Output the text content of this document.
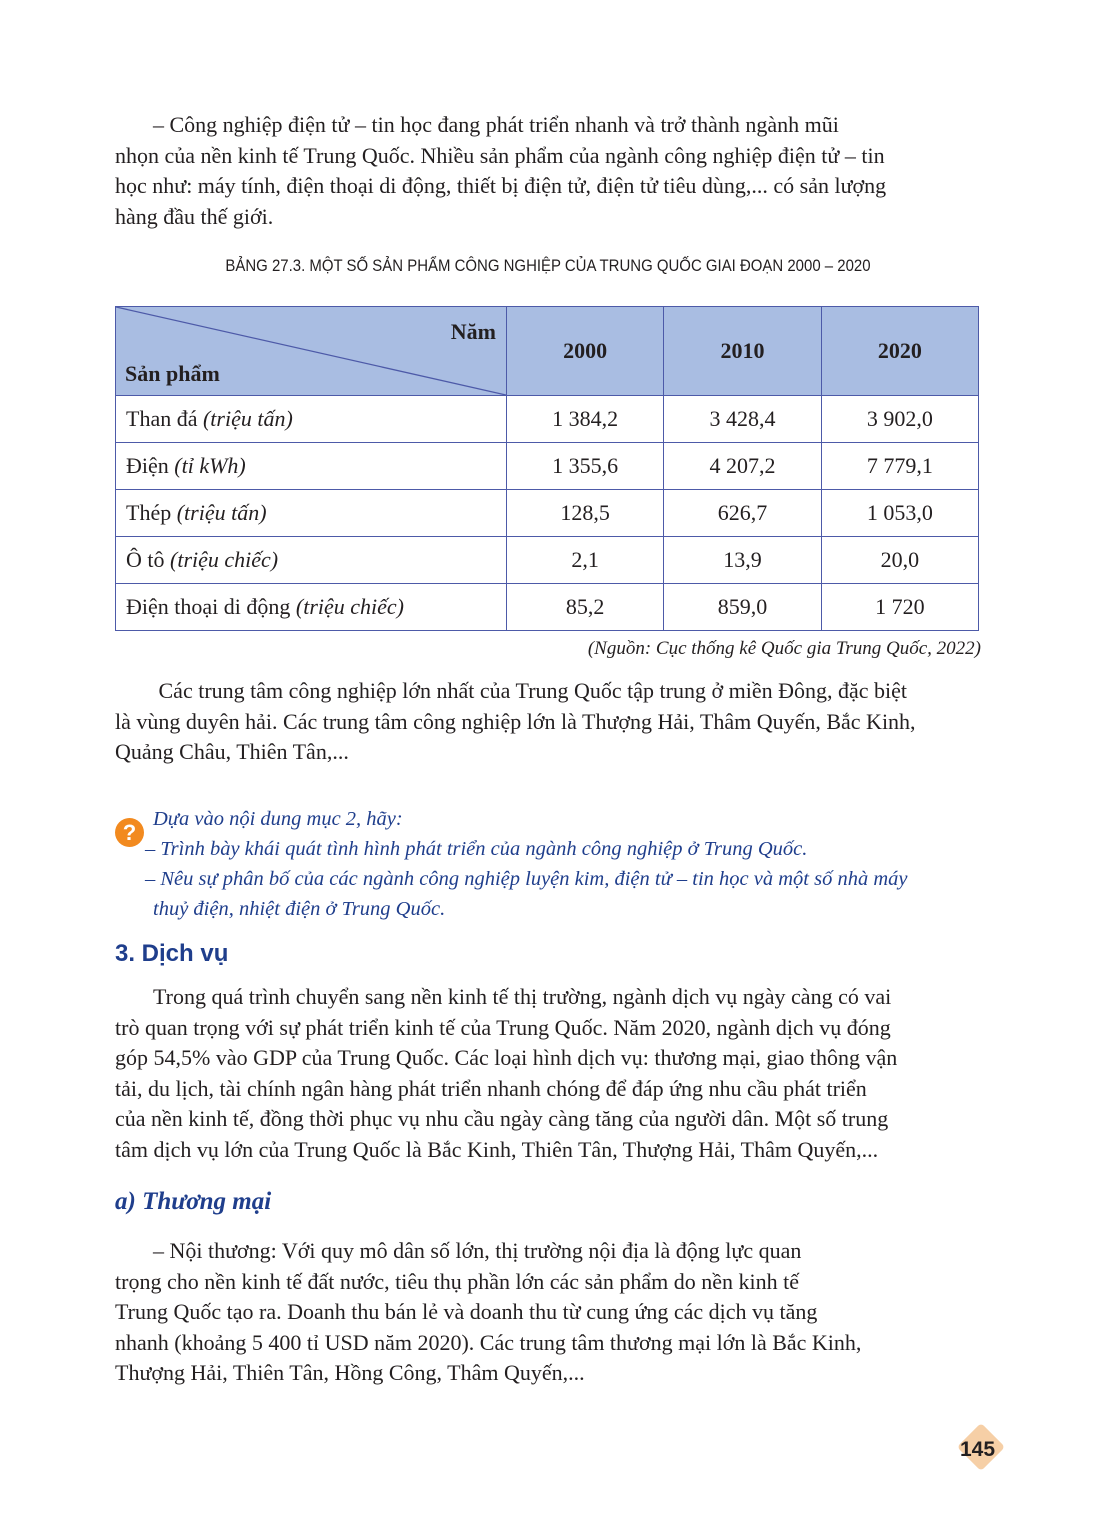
– Công nghiệp điện tử – tin học đang phát triển nhanh và trở thành ngành mũi
nhọn của nền kinh tế Trung Quốc. Nhiều sản phẩm của ngành công nghiệp điện tử – tin
học như: máy tính, điện thoại di động, thiết bị điện tử, điện tử tiêu dùng,... có sản lượng
hàng đầu thế giới.
BẢNG 27.3. MỘT SỐ SẢN PHẨM CÔNG NGHIỆP CỦA TRUNG QUỐC GIAI ĐOẠN 2000 – 2020
Năm
Sản phẩm	2000	2010	2020
Than đá (triệu tấn)	1 384,2	3 428,4	3 902,0
Điện (tỉ kWh)	1 355,6	4 207,2	7 779,1
Thép (triệu tấn)	128,5	626,7	1 053,0
Ô tô (triệu chiếc)	2,1	13,9	20,0
Điện thoại di động (triệu chiếc)	85,2	859,0	1 720
(Nguồn: Cục thống kê Quốc gia Trung Quốc, 2022)
Các trung tâm công nghiệp lớn nhất của Trung Quốc tập trung ở miền Đông, đặc biệt
là vùng duyên hải. Các trung tâm công nghiệp lớn là Thượng Hải, Thâm Quyến, Bắc Kinh,
Quảng Châu, Thiên Tân,...
?
Dựa vào nội dung mục 2, hãy:
– Trình bày khái quát tình hình phát triển của ngành công nghiệp ở Trung Quốc.
– Nêu sự phân bố của các ngành công nghiệp luyện kim, điện tử – tin học và một số nhà máy
thuỷ điện, nhiệt điện ở Trung Quốc.
3. Dịch vụ
Trong quá trình chuyển sang nền kinh tế thị trường, ngành dịch vụ ngày càng có vai
trò quan trọng với sự phát triển kinh tế của Trung Quốc. Năm 2020, ngành dịch vụ đóng
góp 54,5% vào GDP của Trung Quốc. Các loại hình dịch vụ: thương mại, giao thông vận
tải, du lịch, tài chính ngân hàng phát triển nhanh chóng để đáp ứng nhu cầu phát triển
của nền kinh tế, đồng thời phục vụ nhu cầu ngày càng tăng của người dân. Một số trung
tâm dịch vụ lớn của Trung Quốc là Bắc Kinh, Thiên Tân, Thượng Hải, Thâm Quyến,...
a) Thương mại
– Nội thương: Với quy mô dân số lớn, thị trường nội địa là động lực quan
trọng cho nền kinh tế đất nước, tiêu thụ phần lớn các sản phẩm do nền kinh tế
Trung Quốc tạo ra. Doanh thu bán lẻ và doanh thu từ cung ứng các dịch vụ tăng
nhanh (khoảng 5 400 tỉ USD năm 2020). Các trung tâm thương mại lớn là Bắc Kinh,
Thượng Hải, Thiên Tân, Hồng Công, Thâm Quyến,...
145
